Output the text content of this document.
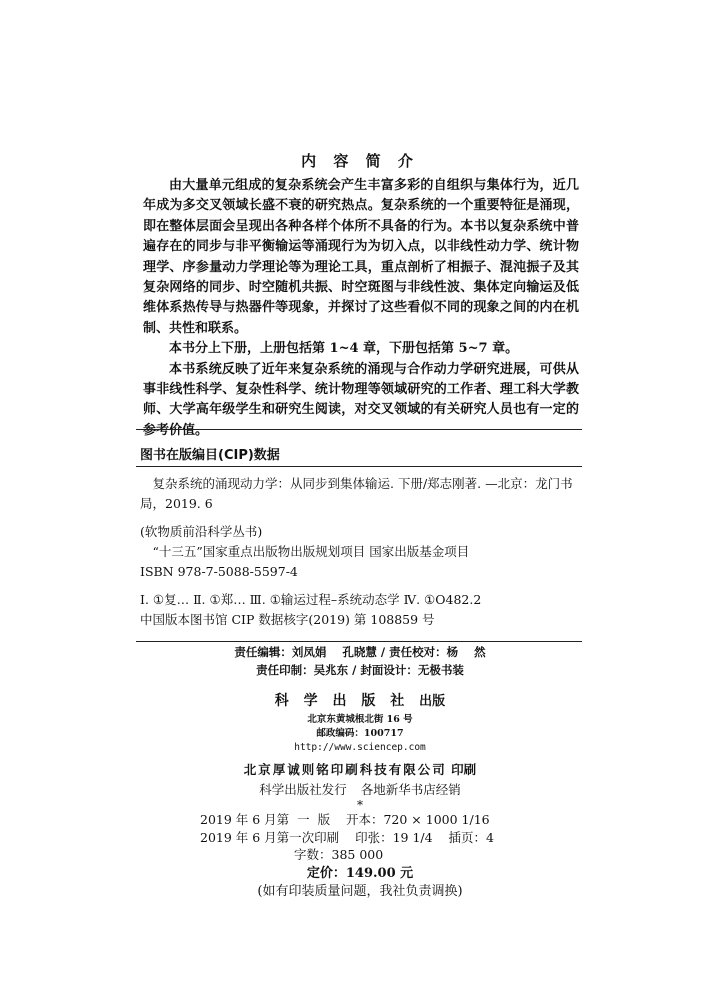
内 容 简 介

由大量单元组成的复杂系统会产生丰富多彩的自组织与集体行为，近几年成为多交叉领域长盛不衰的研究热点。复杂系统的一个重要特征是涌现，即在整体层面会呈现出各种各样个体所不具备的行为。本书以复杂系统中普遍存在的同步与非平衡输运等涌现行为为切入点，以非线性动力学、统计物理学、序参量动力学理论等为理论工具，重点剖析了相振子、混沌振子及其复杂网络的同步、时空随机共振、时空斑图与非线性波、集体定向输运及低维体系热传导与热器件等现象，并探讨了这些看似不同的现象之间的内在机制、共性和联系。

本书分上下册，上册包括第 1~4 章，下册包括第 5~7 章。

本书系统反映了近年来复杂系统的涌现与合作动力学研究进展，可供从事非线性科学、复杂性科学、统计物理等领域研究的工作者、理工科大学教师、大学高年级学生和研究生阅读，对交叉领域的有关研究人员也有一定的参考价值。

图书在版编目(CIP)数据
复杂系统的涌现动力学：从同步到集体输运. 下册/郑志刚著. —北京：龙门书局，2019. 6
(软物质前沿科学丛书)
“十三五”国家重点出版物出版规划项目 国家出版基金项目
ISBN 978-7-5088-5597-4
Ⅰ. ①复… Ⅱ. ①郑… Ⅲ. ①输运过程–系统动态学 Ⅳ. ①O482.2
中国版本图书馆 CIP 数据核字(2019) 第 108859 号
责任编辑：刘凤娟    孔晓慧 / 责任校对：杨    然
责任印制：吴兆东 / 封面设计：无极书装
科 学 出 版 社 出版
北京东黄城根北街 16 号
邮政编码：100717
http://www.sciencep.com
北京厚诚则铭印刷科技有限公司 印刷
科学出版社发行 各地新华书店经销
*
2019 年 6 月第  一  版    开本：720 × 1000 1/16
2019 年 6 月第一次印刷    印张：19 1/4    插页：4
字数：385 000
定价：149.00 元
(如有印装质量问题，我社负责调换)
